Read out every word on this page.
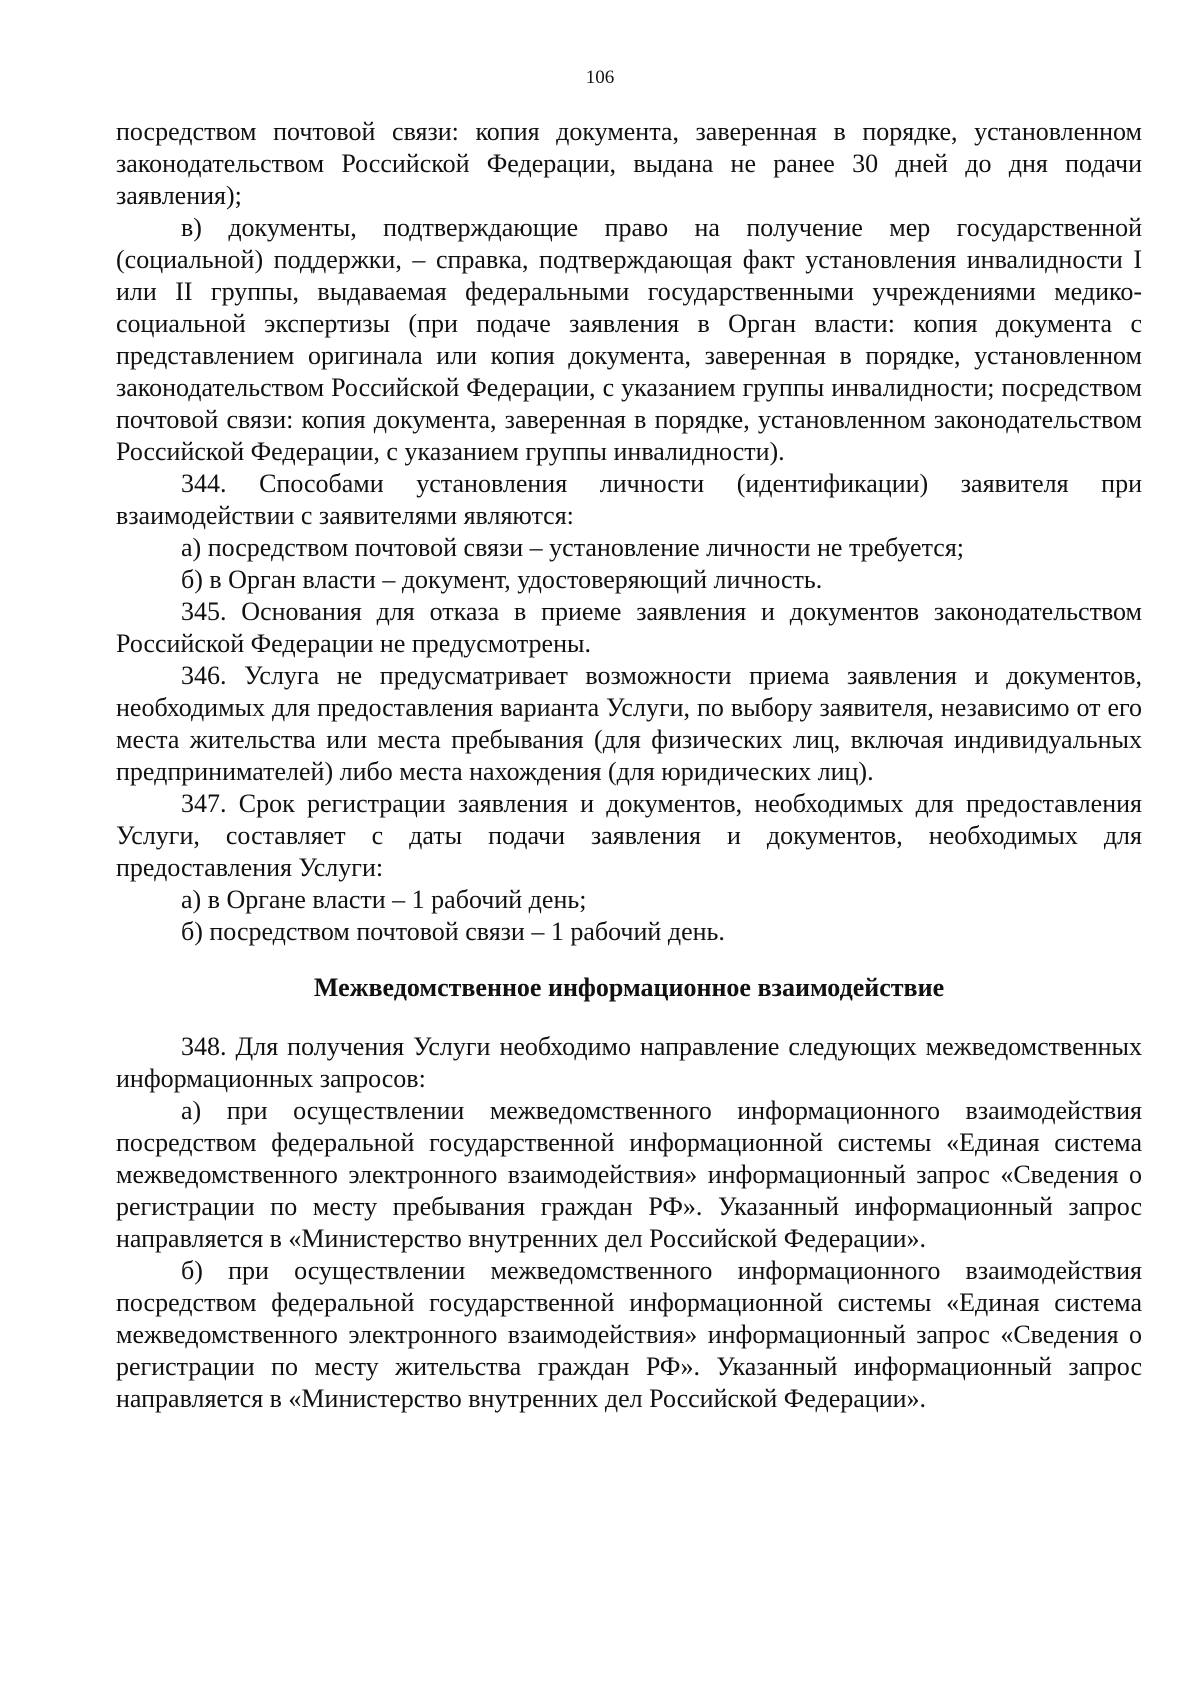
106

посредством почтовой связи: копия документа, заверенная в порядке, установленном законодательством Российской Федерации, выдана не ранее 30 дней до дня подачи заявления);

в) документы, подтверждающие право на получение мер государственной (социальной) поддержки, – справка, подтверждающая факт установления инвалидности I или II группы, выдаваемая федеральными государственными учреждениями медико-социальной экспертизы (при подаче заявления в Орган власти: копия документа с представлением оригинала или копия документа, заверенная в порядке, установленном законодательством Российской Федерации, с указанием группы инвалидности; посредством почтовой связи: копия документа, заверенная в порядке, установленном законодательством Российской Федерации, с указанием группы инвалидности).

344. Способами установления личности (идентификации) заявителя при взаимодействии с заявителями являются:

а) посредством почтовой связи – установление личности не требуется;

б) в Орган власти – документ, удостоверяющий личность.

345. Основания для отказа в приеме заявления и документов законодательством Российской Федерации не предусмотрены.

346. Услуга не предусматривает возможности приема заявления и документов, необходимых для предоставления варианта Услуги, по выбору заявителя, независимо от его места жительства или места пребывания (для физических лиц, включая индивидуальных предпринимателей) либо места нахождения (для юридических лиц).

347. Срок регистрации заявления и документов, необходимых для предоставления Услуги, составляет с даты подачи заявления и документов, необходимых для предоставления Услуги:

а) в Органе власти – 1 рабочий день;

б) посредством почтовой связи – 1 рабочий день.

Межведомственное информационное взаимодействие

348. Для получения Услуги необходимо направление следующих межведомственных информационных запросов:

а) при осуществлении межведомственного информационного взаимодействия посредством федеральной государственной информационной системы «Единая система межведомственного электронного взаимодействия» информационный запрос «Сведения о регистрации по месту пребывания граждан РФ». Указанный информационный запрос направляется в «Министерство внутренних дел Российской Федерации».

б) при осуществлении межведомственного информационного взаимодействия посредством федеральной государственной информационной системы «Единая система межведомственного электронного взаимодействия» информационный запрос «Сведения о регистрации по месту жительства граждан РФ». Указанный информационный запрос направляется в «Министерство внутренних дел Российской Федерации».
